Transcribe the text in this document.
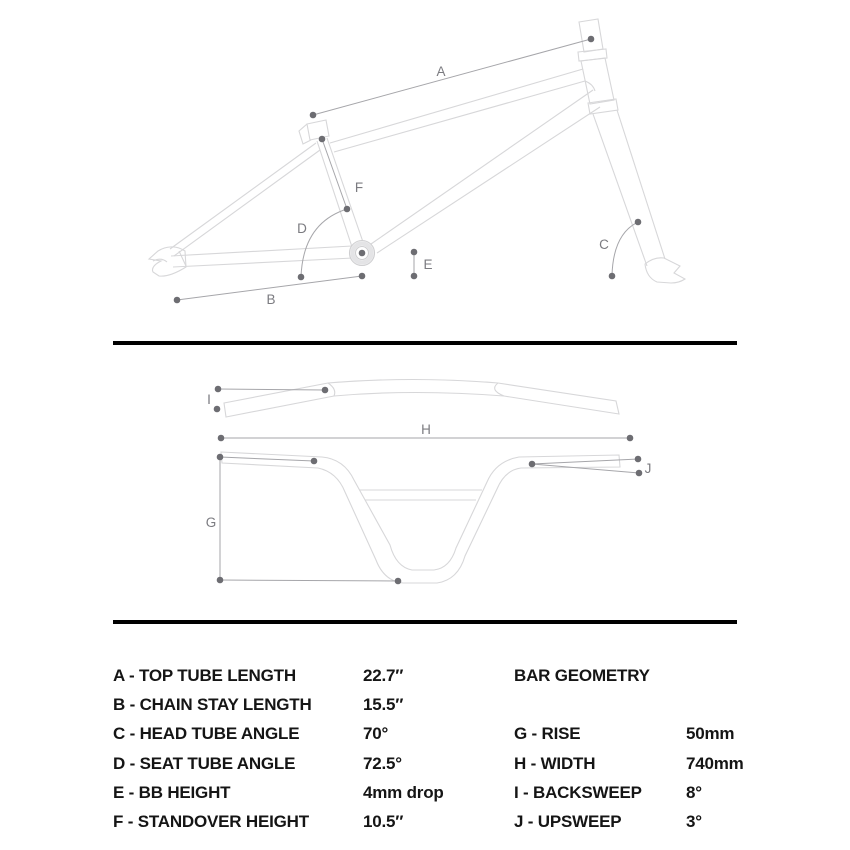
A
B
C
D
E
F
I
H
G
J
A - TOP TUBE LENGTH	22.7″
B - CHAIN STAY LENGTH	15.5″
C - HEAD TUBE ANGLE	70°
D - SEAT TUBE ANGLE	72.5°
E - BB HEIGHT	4mm drop
F - STANDOVER HEIGHT	10.5″
BAR GEOMETRY
G - RISE	50mm
H - WIDTH	740mm
I - BACKSWEEP	8°
J - UPSWEEP	3°
